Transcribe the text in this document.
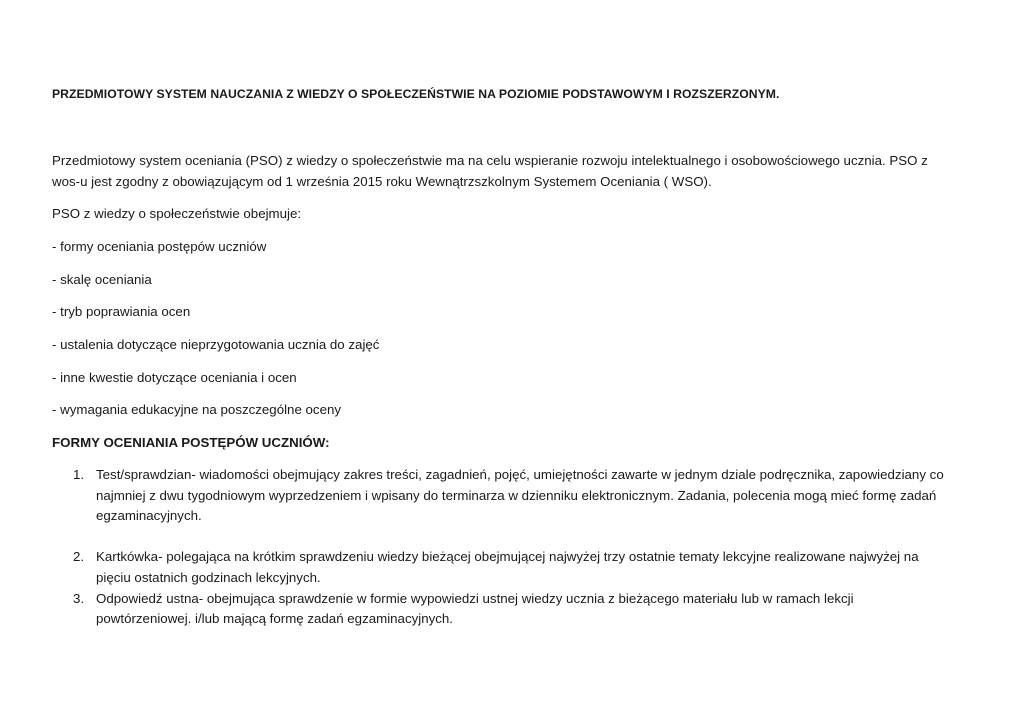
PRZEDMIOTOWY SYSTEM NAUCZANIA Z WIEDZY O SPOŁECZEŃSTWIE NA POZIOMIE PODSTAWOWYM I ROZSZERZONYM.
Przedmiotowy system oceniania (PSO) z wiedzy o społeczeństwie ma na celu wspieranie rozwoju intelektualnego i osobowościowego ucznia. PSO z wos-u jest zgodny z obowiązującym od 1 września 2015 roku Wewnątrzszkolnym Systemem Oceniania ( WSO).
PSO z wiedzy o społeczeństwie obejmuje:
- formy oceniania postępów uczniów
- skalę oceniania
- tryb poprawiania ocen
- ustalenia dotyczące nieprzygotowania ucznia do zajęć
- inne kwestie dotyczące oceniania i ocen
- wymagania edukacyjne na poszczególne oceny
FORMY OCENIANIA POSTĘPÓW UCZNIÓW:
1. Test/sprawdzian- wiadomości obejmujący zakres treści, zagadnień, pojęć, umiejętności zawarte w jednym dziale podręcznika, zapowiedziany co najmniej z dwu tygodniowym wyprzedzeniem i wpisany do terminarza w dzienniku elektronicznym. Zadania, polecenia mogą mieć formę zadań egzaminacyjnych.
2. Kartkówka- polegająca na krótkim sprawdzeniu wiedzy bieżącej obejmującej najwyżej trzy ostatnie tematy lekcyjne realizowane najwyżej na pięciu ostatnich godzinach lekcyjnych.
3. Odpowiedź ustna- obejmująca sprawdzenie w formie wypowiedzi ustnej wiedzy ucznia z bieżącego materiału lub w ramach lekcji powtórzeniowej. i/lub mającą formę zadań egzaminacyjnych.
